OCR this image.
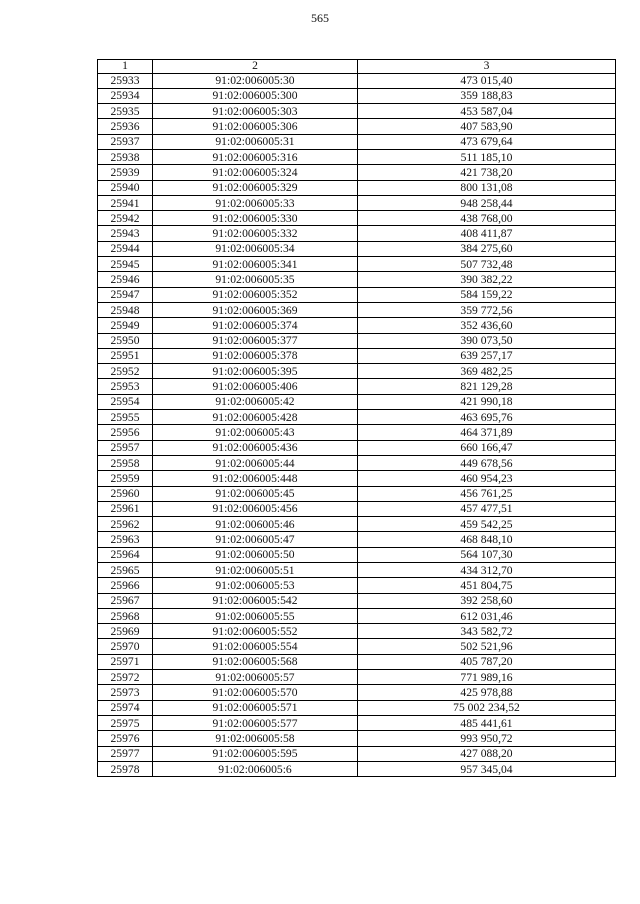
565
1	2	3
25933	91:02:006005:30	473 015,40
25934	91:02:006005:300	359 188,83
25935	91:02:006005:303	453 587,04
25936	91:02:006005:306	407 583,90
25937	91:02:006005:31	473 679,64
25938	91:02:006005:316	511 185,10
25939	91:02:006005:324	421 738,20
25940	91:02:006005:329	800 131,08
25941	91:02:006005:33	948 258,44
25942	91:02:006005:330	438 768,00
25943	91:02:006005:332	408 411,87
25944	91:02:006005:34	384 275,60
25945	91:02:006005:341	507 732,48
25946	91:02:006005:35	390 382,22
25947	91:02:006005:352	584 159,22
25948	91:02:006005:369	359 772,56
25949	91:02:006005:374	352 436,60
25950	91:02:006005:377	390 073,50
25951	91:02:006005:378	639 257,17
25952	91:02:006005:395	369 482,25
25953	91:02:006005:406	821 129,28
25954	91:02:006005:42	421 990,18
25955	91:02:006005:428	463 695,76
25956	91:02:006005:43	464 371,89
25957	91:02:006005:436	660 166,47
25958	91:02:006005:44	449 678,56
25959	91:02:006005:448	460 954,23
25960	91:02:006005:45	456 761,25
25961	91:02:006005:456	457 477,51
25962	91:02:006005:46	459 542,25
25963	91:02:006005:47	468 848,10
25964	91:02:006005:50	564 107,30
25965	91:02:006005:51	434 312,70
25966	91:02:006005:53	451 804,75
25967	91:02:006005:542	392 258,60
25968	91:02:006005:55	612 031,46
25969	91:02:006005:552	343 582,72
25970	91:02:006005:554	502 521,96
25971	91:02:006005:568	405 787,20
25972	91:02:006005:57	771 989,16
25973	91:02:006005:570	425 978,88
25974	91:02:006005:571	75 002 234,52
25975	91:02:006005:577	485 441,61
25976	91:02:006005:58	993 950,72
25977	91:02:006005:595	427 088,20
25978	91:02:006005:6	957 345,04
